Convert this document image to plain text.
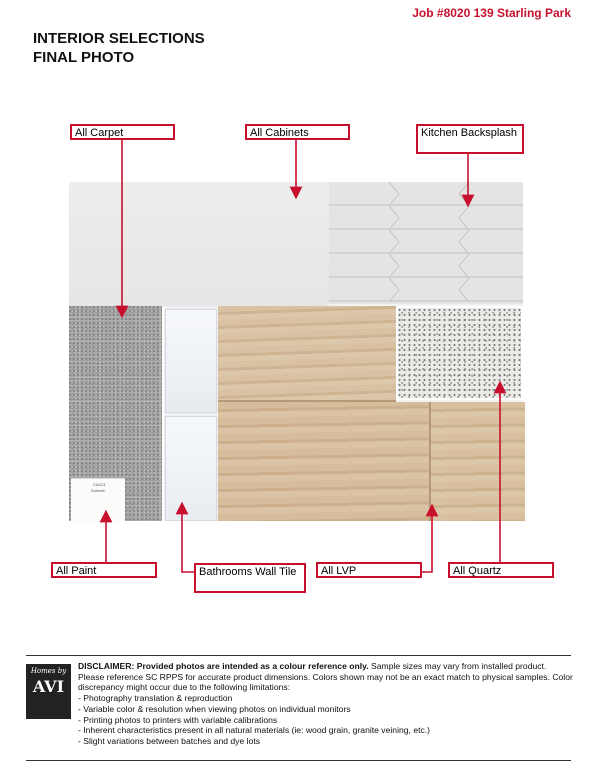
Job #8020 139 Starling Park
INTERIOR SELECTIONS
FINAL PHOTO
CA013
Summit
All Carpet	All Cabinets	Kitchen Backsplash
All Paint	Bathrooms Wall Tile	All LVP	All Quartz
Homes by
AVI
DISCLAIMER: Provided photos are intended as a colour reference only. Sample sizes may vary from installed product. Please reference SC RPPS for accurate product dimensions. Colors shown may not be an exact match to physical samples. Color discrepancy might occur due to the following limitations:
- Photography translation & reproduction
- Variable color & resolution when viewing photos on individual monitors
- Printing photos to printers with variable calibrations
- Inherent characteristics present in all natural materials (ie: wood grain, granite veining, etc.)
- Slight variations between batches and dye lots
